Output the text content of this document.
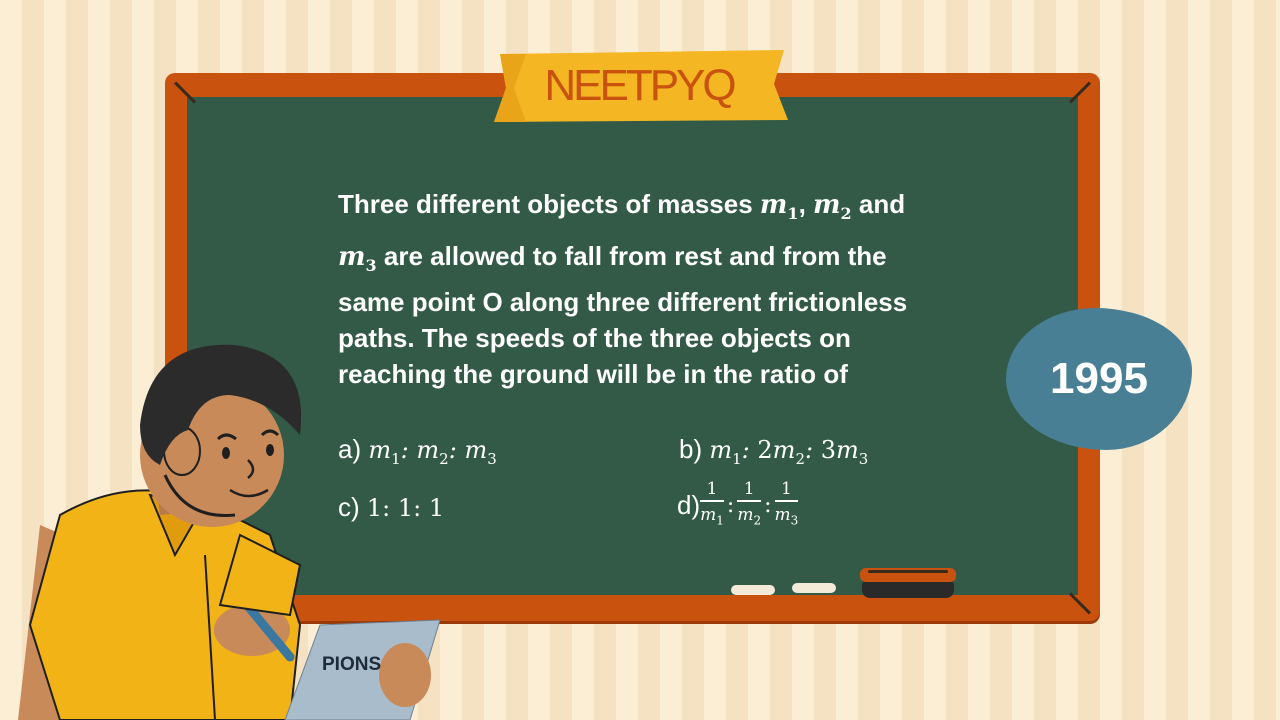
NEETPYQ
Three different objects of masses $m_1$, $m_2$ and
$m_3$ are allowed to fall from rest and from the
same point O along three different frictionless
paths. The speeds of the three objects on
reaching the ground will be in the ratio of
a) $m_1$: $m_2$: $m_3$	b) $m_1$: $2m_2$: $3m_3$
c) 1: 1: 1	$d) \frac{1}{m_1}$ : $\frac{1}{m_2}$ : $\frac{1}{m_3}$
1995
PIONS
